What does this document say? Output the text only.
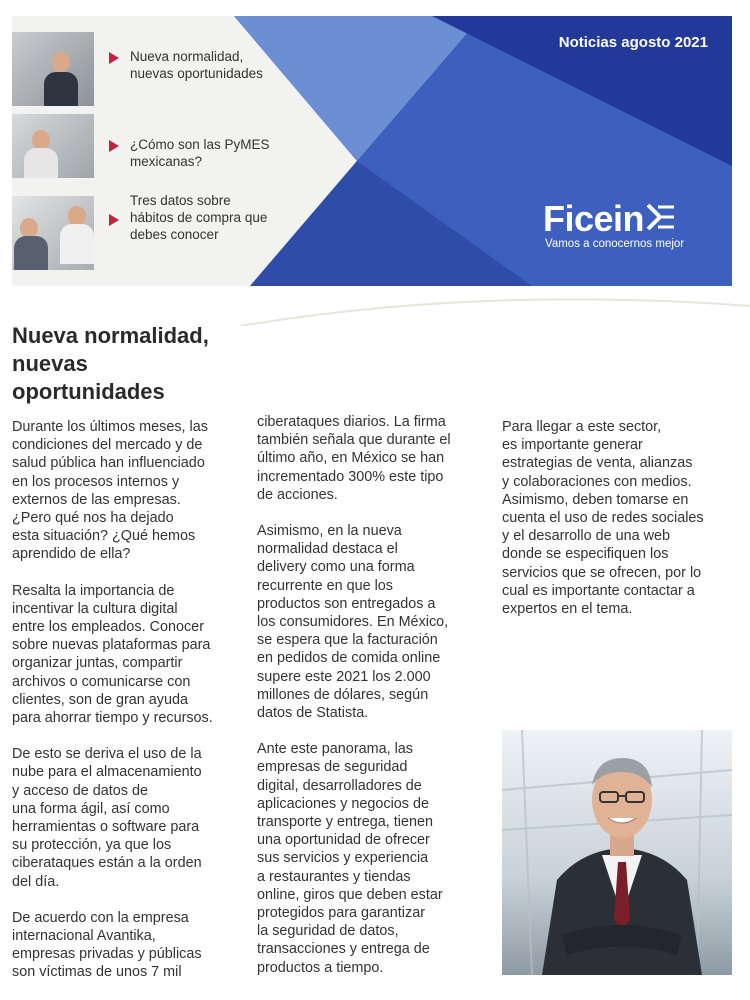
Nueva normalidad,
nuevas oportunidades
¿Cómo son las PyMES
mexicanas?
Tres datos sobre
hábitos de compra que
debes conocer
Noticias agosto 2021
Ficein
Vamos a conocernos mejor
Nueva normalidad,
nuevas
oportunidades

Durante los últimos meses, las
condiciones del mercado y de
salud pública han influenciado
en los procesos internos y
externos de las empresas.
¿Pero qué nos ha dejado
esta situación? ¿Qué hemos
aprendido de ella?

Resalta la importancia de
incentivar la cultura digital
entre los empleados. Conocer
sobre nuevas plataformas para
organizar juntas, compartir
archivos o comunicarse con
clientes, son de gran ayuda
para ahorrar tiempo y recursos.

De esto se deriva el uso de la
nube para el almacenamiento
y acceso de datos de
una forma ágil, así como
herramientas o software para
su protección, ya que los
ciberataques están a la orden
del día.

De acuerdo con la empresa
internacional Avantika,
empresas privadas y públicas
son víctimas de unos 7 mil

ciberataques diarios. La firma
también señala que durante el
último año, en México se han
incrementado 300% este tipo
de acciones.

Asimismo, en la nueva
normalidad destaca el
delivery como una forma
recurrente en que los
productos son entregados a
los consumidores. En México,
se espera que la facturación
en pedidos de comida online
supere este 2021 los 2.000
millones de dólares, según
datos de Statista.

Ante este panorama, las
empresas de seguridad
digital, desarrolladores de
aplicaciones y negocios de
transporte y entrega, tienen
una oportunidad de ofrecer
sus servicios y experiencia
a restaurantes y tiendas
online, giros que deben estar
protegidos para garantizar
la seguridad de datos,
transacciones y entrega de
productos a tiempo.

Para llegar a este sector,
es importante generar
estrategias de venta, alianzas
y colaboraciones con medios.
Asimismo, deben tomarse en
cuenta el uso de redes sociales
y el desarrollo de una web
donde se especifiquen los
servicios que se ofrecen, por lo
cual es importante contactar a
expertos en el tema.
